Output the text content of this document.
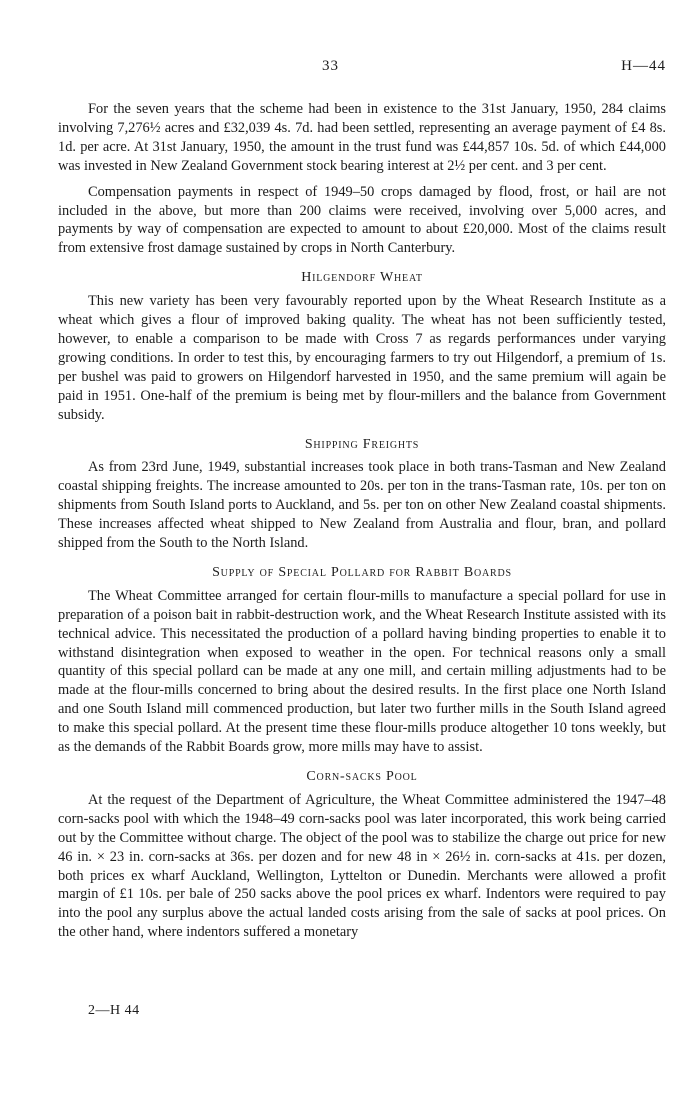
33	H—44

For the seven years that the scheme had been in existence to the 31st January, 1950, 284 claims involving 7,276½ acres and £32,039 4s. 7d. had been settled, representing an average payment of £4 8s. 1d. per acre. At 31st January, 1950, the amount in the trust fund was £44,857 10s. 5d. of which £44,000 was invested in New Zealand Government stock bearing interest at 2½ per cent. and 3 per cent.

Compensation payments in respect of 1949–50 crops damaged by flood, frost, or hail are not included in the above, but more than 200 claims were received, involving over 5,000 acres, and payments by way of compensation are expected to amount to about £20,000. Most of the claims result from extensive frost damage sustained by crops in North Canterbury.

Hilgendorf Wheat

This new variety has been very favourably reported upon by the Wheat Research Institute as a wheat which gives a flour of improved baking quality. The wheat has not been sufficiently tested, however, to enable a comparison to be made with Cross 7 as regards performances under varying growing conditions. In order to test this, by encouraging farmers to try out Hilgendorf, a premium of 1s. per bushel was paid to growers on Hilgendorf harvested in 1950, and the same premium will again be paid in 1951. One-half of the premium is being met by flour-millers and the balance from Government subsidy.

Shipping Freights

As from 23rd June, 1949, substantial increases took place in both trans-Tasman and New Zealand coastal shipping freights. The increase amounted to 20s. per ton in the trans-Tasman rate, 10s. per ton on shipments from South Island ports to Auckland, and 5s. per ton on other New Zealand coastal shipments. These increases affected wheat shipped to New Zealand from Australia and flour, bran, and pollard shipped from the South to the North Island.

Supply of Special Pollard for Rabbit Boards

The Wheat Committee arranged for certain flour-mills to manufacture a special pollard for use in preparation of a poison bait in rabbit-destruction work, and the Wheat Research Institute assisted with its technical advice. This necessitated the production of a pollard having binding properties to enable it to withstand disintegration when exposed to weather in the open. For technical reasons only a small quantity of this special pollard can be made at any one mill, and certain milling adjustments had to be made at the flour-mills concerned to bring about the desired results. In the first place one North Island and one South Island mill commenced production, but later two further mills in the South Island agreed to make this special pollard. At the present time these flour-mills produce altogether 10 tons weekly, but as the demands of the Rabbit Boards grow, more mills may have to assist.

Corn-sacks Pool

At the request of the Department of Agriculture, the Wheat Committee administered the 1947–48 corn-sacks pool with which the 1948–49 corn-sacks pool was later incorporated, this work being carried out by the Committee without charge. The object of the pool was to stabilize the charge out price for new 46 in. × 23 in. corn-sacks at 36s. per dozen and for new 48 in × 26½ in. corn-sacks at 41s. per dozen, both prices ex wharf Auckland, Wellington, Lyttelton or Dunedin. Merchants were allowed a profit margin of £1 10s. per bale of 250 sacks above the pool prices ex wharf. Indentors were required to pay into the pool any surplus above the actual landed costs arising from the sale of sacks at pool prices. On the other hand, where indentors suffered a monetary

2—H 44
